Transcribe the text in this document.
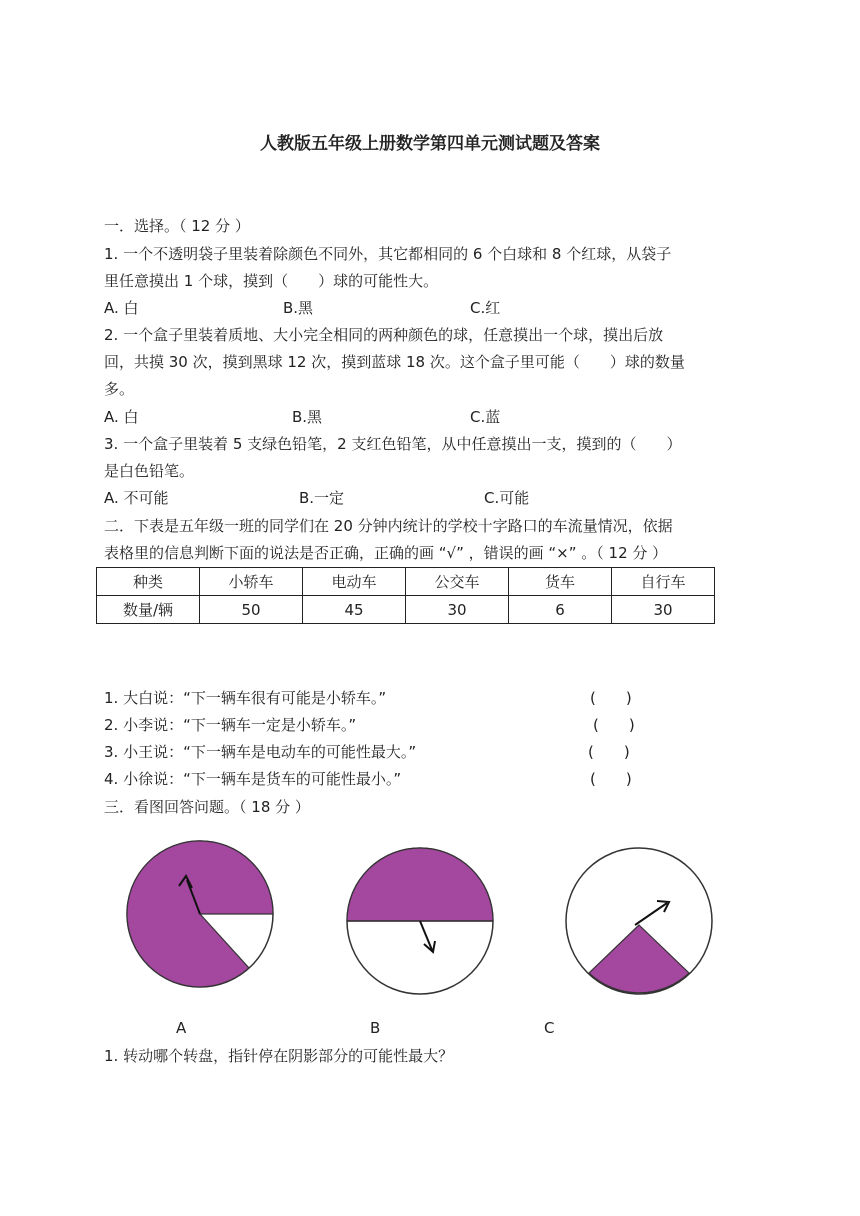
人教版五年级上册数学第四单元测试题及答案
一．选择。（ 12 分 ）
1. 一个不透明袋子里装着除颜色不同外，其它都相同的 6 个白球和 8 个红球，从袋子
里任意摸出 1 个球，摸到（　　）球的可能性大。
A. 白	B.黑	C.红
2. 一个盒子里装着质地、大小完全相同的两种颜色的球，任意摸出一个球，摸出后放
回，共摸 30 次，摸到黑球 12 次，摸到蓝球 18 次。这个盒子里可能（　　）球的数量
多。
A. 白	B.黑	C.蓝
3. 一个盒子里装着 5 支绿色铅笔，2 支红色铅笔，从中任意摸出一支，摸到的（　　）
是白色铅笔。
A. 不可能	B.一定	C.可能
二．下表是五年级一班的同学们在 20 分钟内统计的学校十字路口的车流量情况，依据
表格里的信息判断下面的说法是否正确，正确的画 “√” ，错误的画 “×” 。（ 12 分 ）
种类	小轿车	电动车	公交车	货车	自行车
数量/辆	50	45	30	6	30
1. 大白说：“下一辆车很有可能是小轿车。”	(　　)
2. 小李说：“下一辆车一定是小轿车。”	(　　)
3. 小王说：“下一辆车是电动车的可能性最大。”	(　　)
4. 小徐说：“下一辆车是货车的可能性最小。”	(　　)
三．看图回答问题。（ 18 分 ）
A	B	C
1. 转动哪个转盘，指针停在阴影部分的可能性最大？
